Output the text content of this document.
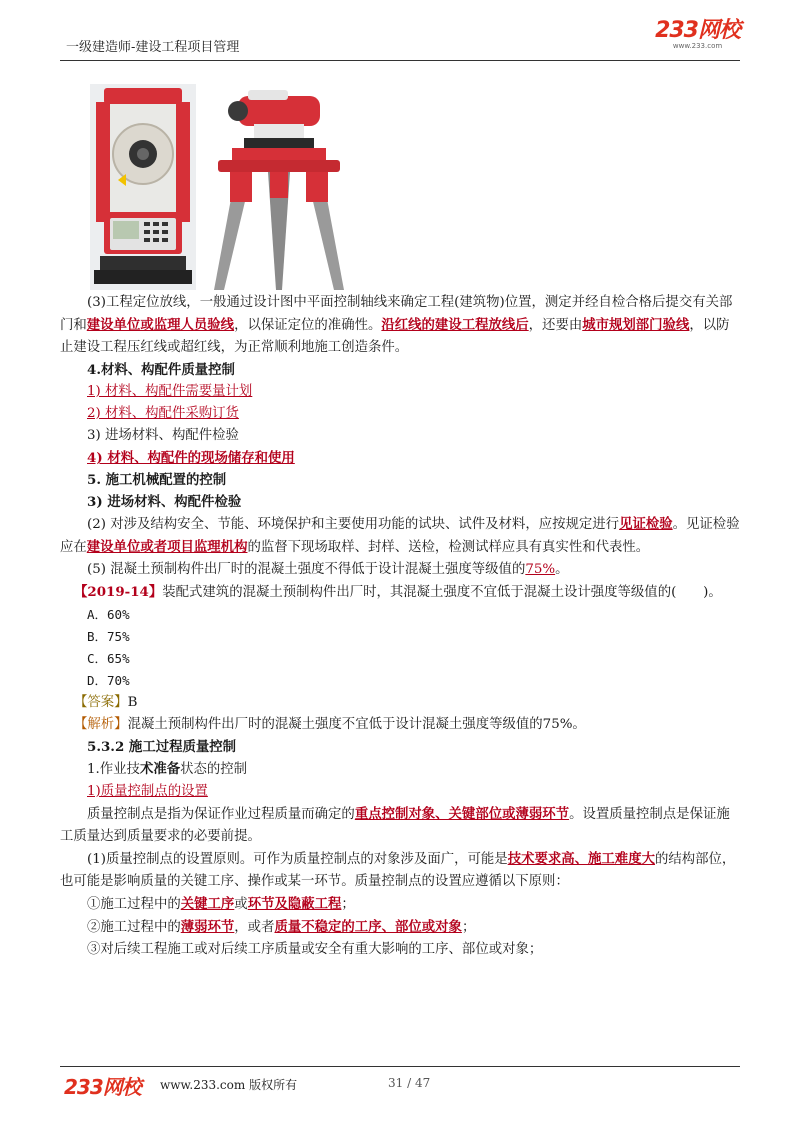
一级建造师-建设工程项目管理
233网校
www.233.com

(3)工程定位放线，一般通过设计图中平面控制轴线来确定工程(建筑物)位置，测定并经自检合格后提交有关部门和建设单位或监理人员验线，以保证定位的准确性。沿红线的建设工程放线后，还要由城市规划部门验线，以防止建设工程压红线或超红线，为正常顺利地施工创造条件。

4.材料、构配件质量控制

1) 材料、构配件需要量计划

2) 材料、构配件采购订货

3) 进场材料、构配件检验

4) 材料、构配件的现场储存和使用

5. 施工机械配置的控制

3) 进场材料、构配件检验

(2) 对涉及结构安全、节能、环境保护和主要使用功能的试块、试件及材料，应按规定进行见证检验。见证检验应在建设单位或者项目监理机构的监督下现场取样、封样、送检，检测试样应具有真实性和代表性。

(5) 混凝土预制构件出厂时的混凝土强度不得低于设计混凝土强度等级值的75%。

【2019-14】装配式建筑的混凝土预制构件出厂时，其混凝土强度不宜低于混凝土设计强度等级值的(　　)。

A．60%

B．75%

C．65%

D．70%

【答案】B

【解析】混凝土预制构件出厂时的混凝土强度不宜低于设计混凝土强度等级值的75%。

5.3.2 施工过程质量控制

1.作业技术准备状态的控制

1)质量控制点的设置

质量控制点是指为保证作业过程质量而确定的重点控制对象、关键部位或薄弱环节。设置质量控制点是保证施工质量达到质量要求的必要前提。

(1)质量控制点的设置原则。可作为质量控制点的对象涉及面广，可能是技术要求高、施工难度大的结构部位，也可能是影响质量的关键工序、操作或某一环节。质量控制点的设置应遵循以下原则：

①施工过程中的关键工序或环节及隐蔽工程；

②施工过程中的薄弱环节，或者质量不稳定的工序、部位或对象；

③对后续工程施工或对后续工序质量或安全有重大影响的工序、部位或对象；

233网校 www.233.com 版权所有	31 / 47
